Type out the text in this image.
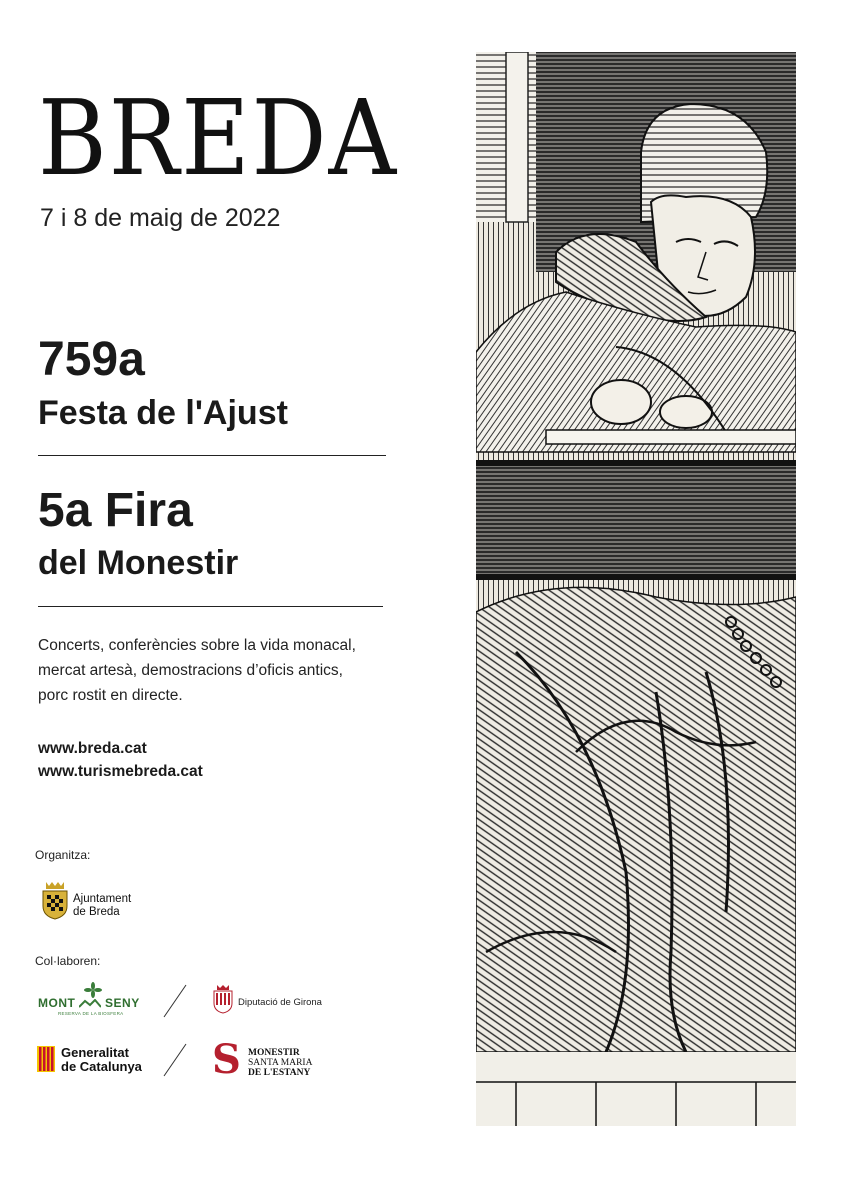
BREDA
7 i 8 de maig de 2022
759a
Festa de l'Ajust
5a Fira
del Monestir
Concerts, conferències sobre la vida monacal, mercat artesà, demostracions d’oficis antics, porc rostit en directe.
www.breda.cat
www.turismebreda.cat
Organitza:
Ajuntament
de Breda
Col·laboren:
MONT SENY
RESERVA DE LA BIOSFERA
Diputació de Girona
Generalitat
de Catalunya S MONESTIR
SANTA MARIA
DE L'ESTANY
